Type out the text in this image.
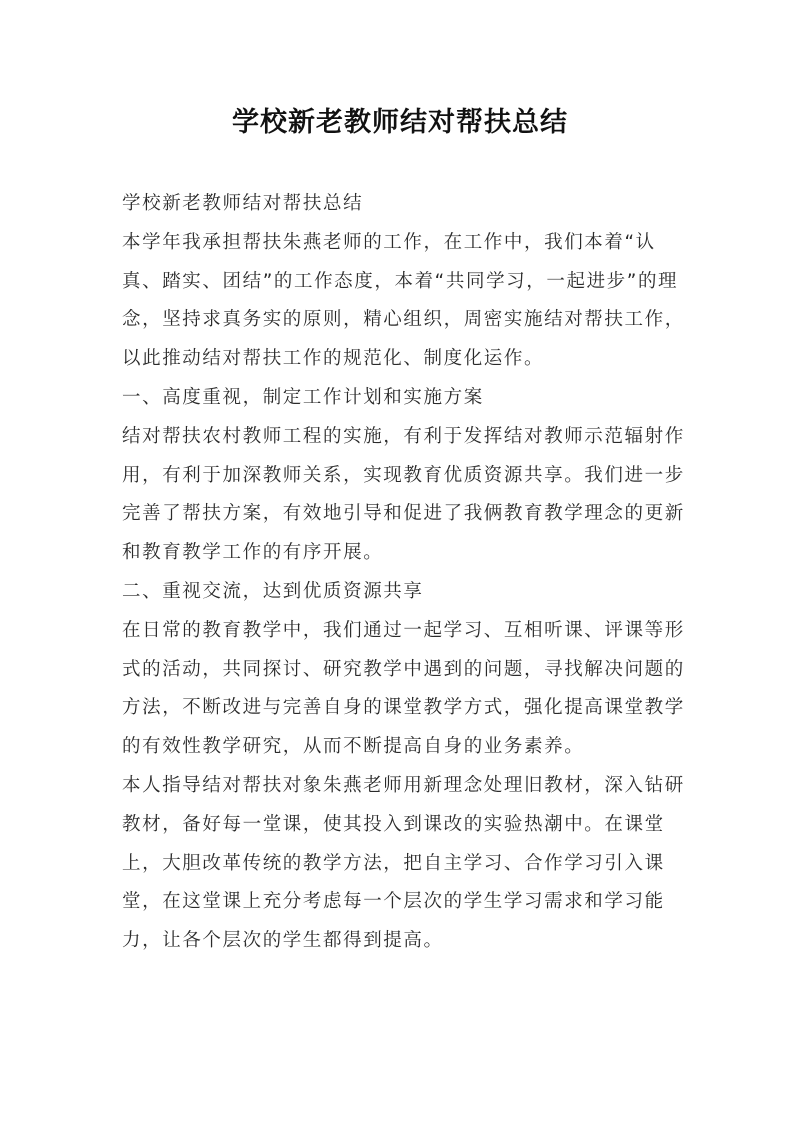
学校新老教师结对帮扶总结

学校新老教师结对帮扶总结

本学年我承担帮扶朱燕老师的工作，在工作中，我们本着“认真、踏实、团结”的工作态度，本着“共同学习，一起进步”的理念，坚持求真务实的原则，精心组织，周密实施结对帮扶工作，以此推动结对帮扶工作的规范化、制度化运作。

一、高度重视，制定工作计划和实施方案

结对帮扶农村教师工程的实施，有利于发挥结对教师示范辐射作用，有利于加深教师关系，实现教育优质资源共享。我们进一步完善了帮扶方案，有效地引导和促进了我俩教育教学理念的更新和教育教学工作的有序开展。

二、重视交流，达到优质资源共享

在日常的教育教学中，我们通过一起学习、互相听课、评课等形式的活动，共同探讨、研究教学中遇到的问题，寻找解决问题的方法，不断改进与完善自身的课堂教学方式，强化提高课堂教学的有效性教学研究，从而不断提高自身的业务素养。

本人指导结对帮扶对象朱燕老师用新理念处理旧教材，深入钻研教材，备好每一堂课，使其投入到课改的实验热潮中。在课堂上，大胆改革传统的教学方法，把自主学习、合作学习引入课堂，在这堂课上充分考虑每一个层次的学生学习需求和学习能力，让各个层次的学生都得到提高。
